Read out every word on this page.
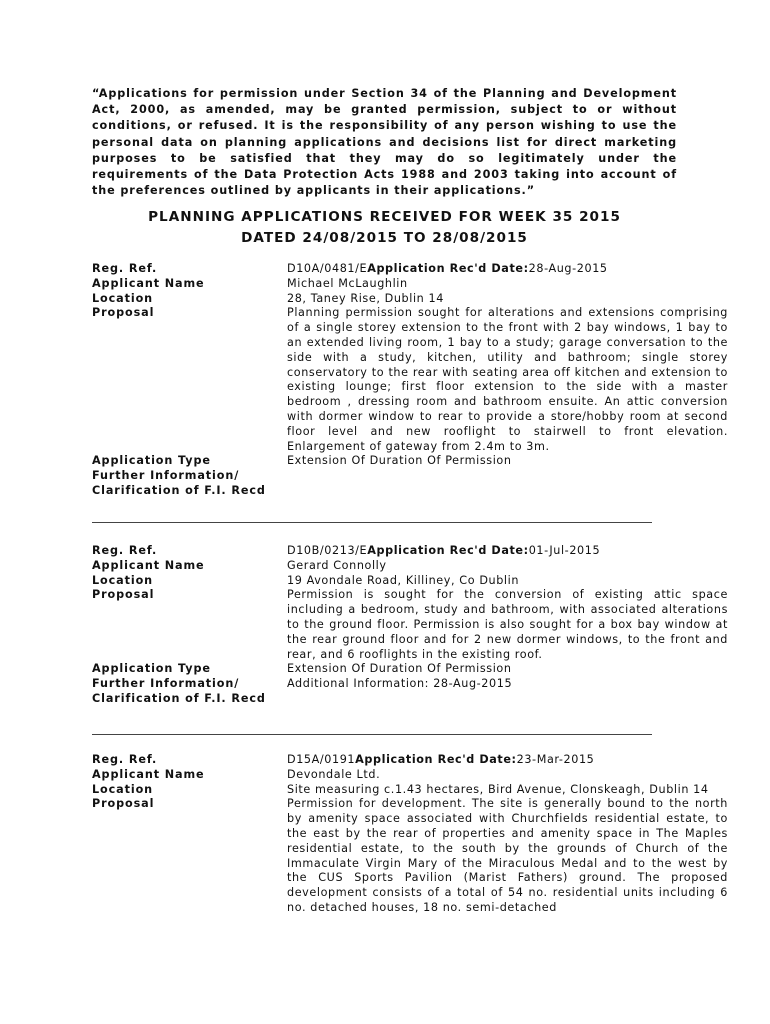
“Applications for permission under Section 34 of the Planning and Development Act, 2000, as amended, may be granted permission, subject to or without conditions, or refused. It is the responsibility of any person wishing to use the personal data on planning applications and decisions list for direct marketing purposes to be satisfied that they may do so legitimately under the requirements of the Data Protection Acts 1988 and 2003 taking into account of the preferences outlined by applicants in their applications.”

PLANNING APPLICATIONS RECEIVED FOR WEEK 35 2015

DATED 24/08/2015 TO 28/08/2015

Reg. Ref.	D10A/0481/EApplication Rec'd Date:28-Aug-2015
Applicant Name	Michael McLaughlin
Location	28, Taney Rise, Dublin 14
Proposal	Planning permission sought for alterations and extensions comprising of a single storey extension to the front with 2 bay windows, 1 bay to an extended living room, 1 bay to a study; garage conversation to the side with a study, kitchen, utility and bathroom; single storey conservatory to the rear with seating area off kitchen and extension to existing lounge; first floor extension to the side with a master bedroom , dressing room and bathroom ensuite. An attic conversion with dormer window to rear to provide a store/hobby room at second floor level and new rooflight to stairwell to front elevation. Enlargement of gateway from 2.4m to 3m.
Application Type	Extension Of Duration Of Permission
Further Information/
Clarification of F.I. Recd
Reg. Ref.	D10B/0213/EApplication Rec'd Date:01-Jul-2015
Applicant Name	Gerard Connolly
Location	19 Avondale Road, Killiney, Co Dublin
Proposal	Permission is sought for the conversion of existing attic space including a bedroom, study and bathroom, with associated alterations to the ground floor. Permission is also sought for a box bay window at the rear ground floor and for 2 new dormer windows, to the front and rear, and 6 rooflights in the existing roof.
Application Type	Extension Of Duration Of Permission
Further Information/	Additional Information: 28-Aug-2015
Clarification of F.I. Recd
Reg. Ref.	D15A/0191Application Rec'd Date:23-Mar-2015
Applicant Name	Devondale Ltd.
Location	Site measuring c.1.43 hectares, Bird Avenue, Clonskeagh, Dublin 14
Proposal	Permission for development. The site is generally bound to the north by amenity space associated with Churchfields residential estate, to the east by the rear of properties and amenity space in The Maples residential estate, to the south by the grounds of Church of the Immaculate Virgin Mary of the Miraculous Medal and to the west by the CUS Sports Pavilion (Marist Fathers) ground. The proposed development consists of a total of 54 no. residential units including 6 no. detached houses, 18 no. semi-detached
